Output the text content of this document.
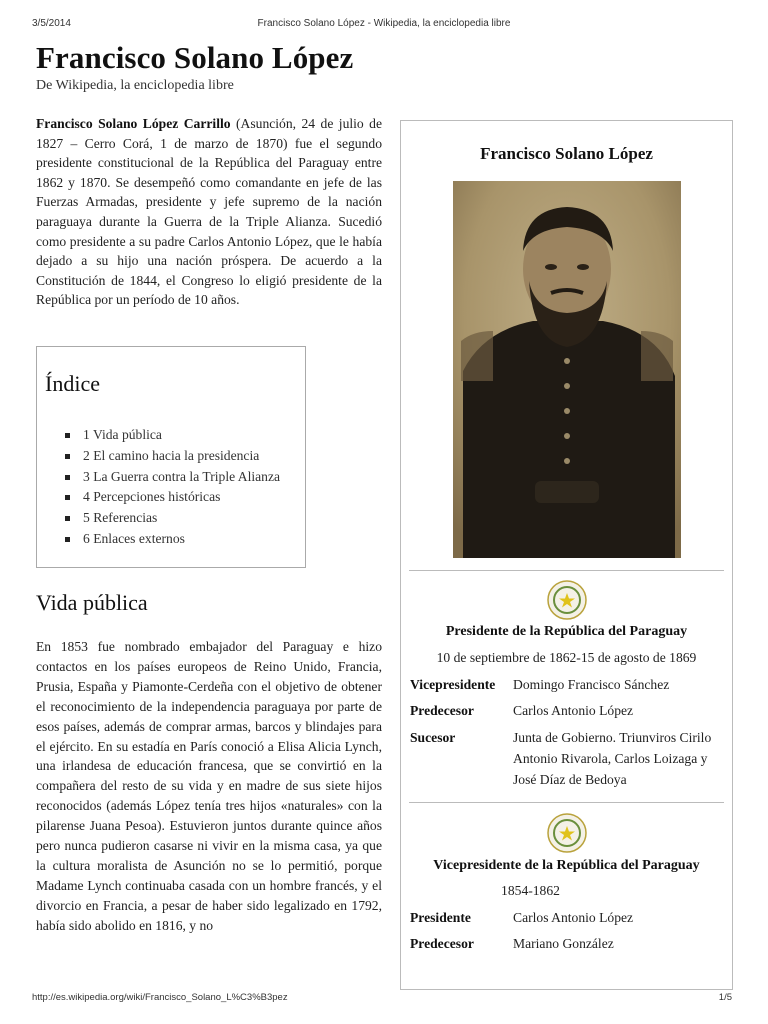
3/5/2014	Francisco Solano López - Wikipedia, la enciclopedia libre
Francisco Solano López
De Wikipedia, la enciclopedia libre

Francisco Solano López Carrillo (Asunción, 24 de julio de 1827 – Cerro Corá, 1 de marzo de 1870) fue el segundo presidente constitucional de la República del Paraguay entre 1862 y 1870. Se desempeñó como comandante en jefe de las Fuerzas Armadas, presidente y jefe supremo de la nación paraguaya durante la Guerra de la Triple Alianza. Sucedió como presidente a su padre Carlos Antonio López, que le había dejado a su hijo una nación próspera. De acuerdo a la Constitución de 1844, el Congreso lo eligió presidente de la República por un período de 10 años.

Índice
1 Vida pública
2 El camino hacia la presidencia
3 La Guerra contra la Triple Alianza
4 Percepciones históricas
5 Referencias
6 Enlaces externos
Vida pública

En 1853 fue nombrado embajador del Paraguay e hizo contactos en los países europeos de Reino Unido, Francia, Prusia, España y Piamonte-Cerdeña con el objetivo de obtener el reconocimiento de la independencia paraguaya por parte de esos países, además de comprar armas, barcos y blindajes para el ejército. En su estadía en París conoció a Elisa Alicia Lynch, una irlandesa de educación francesa, que se convirtió en la compañera del resto de su vida y en madre de sus siete hijos reconocidos (además López tenía tres hijos «naturales» con la pilarense Juana Pesoa). Estuvieron juntos durante quince años pero nunca pudieron casarse ni vivir en la misma casa, ya que la cultura moralista de Asunción no se lo permitió, porque Madame Lynch continuaba casada con un hombre francés, y el divorcio en Francia, a pesar de haber sido legalizado en 1792, había sido abolido en 1816, y no

Francisco Solano López
Presidente de la República del Paraguay
10 de septiembre de 1862-15 de agosto de 1869
Vicepresidente Domingo Francisco Sánchez
Predecesor	Carlos Antonio López
Sucesor	Junta de Gobierno. Triunviros Cirilo Antonio Rivarola, Carlos Loizaga y José Díaz de Bedoya
Vicepresidente de la República del Paraguay
1854-1862
Presidente	Carlos Antonio López
Predecesor	Mariano González
http://es.wikipedia.org/wiki/Francisco_Solano_L%C3%B3pez	1/5
